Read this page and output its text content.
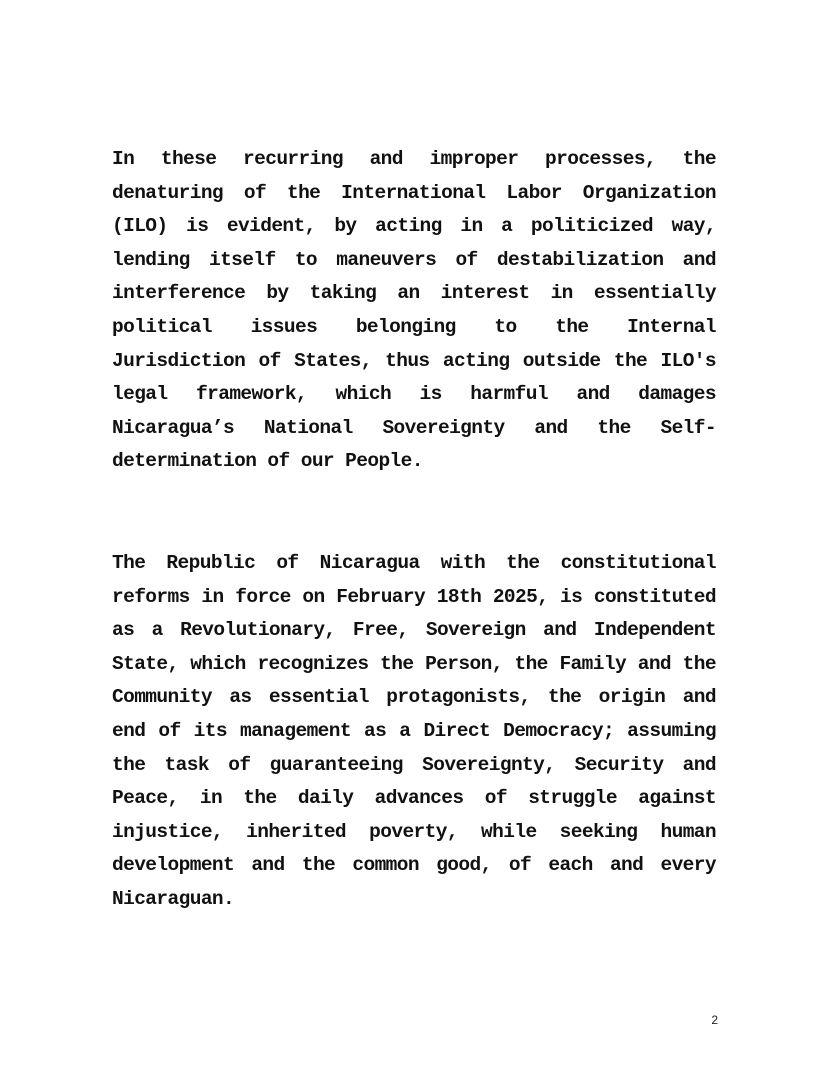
In these recurring and improper processes, the denaturing of the International Labor Organization (ILO) is evident, by acting in a politicized way, lending itself to maneuvers of destabilization and interference by taking an interest in essentially political issues belonging to the Internal Jurisdiction of States, thus acting outside the ILO's legal framework, which is harmful and damages Nicaragua’s National Sovereignty and the Self-determination of our People.

The Republic of Nicaragua with the constitutional reforms in force on February 18th 2025, is constituted as a Revolutionary, Free, Sovereign and Independent State, which recognizes the Person, the Family and the Community as essential protagonists, the origin and end of its management as a Direct Democracy; assuming the task of guaranteeing Sovereignty, Security and Peace, in the daily advances of struggle against injustice, inherited poverty, while seeking human development and the common good, of each and every Nicaraguan.

2
